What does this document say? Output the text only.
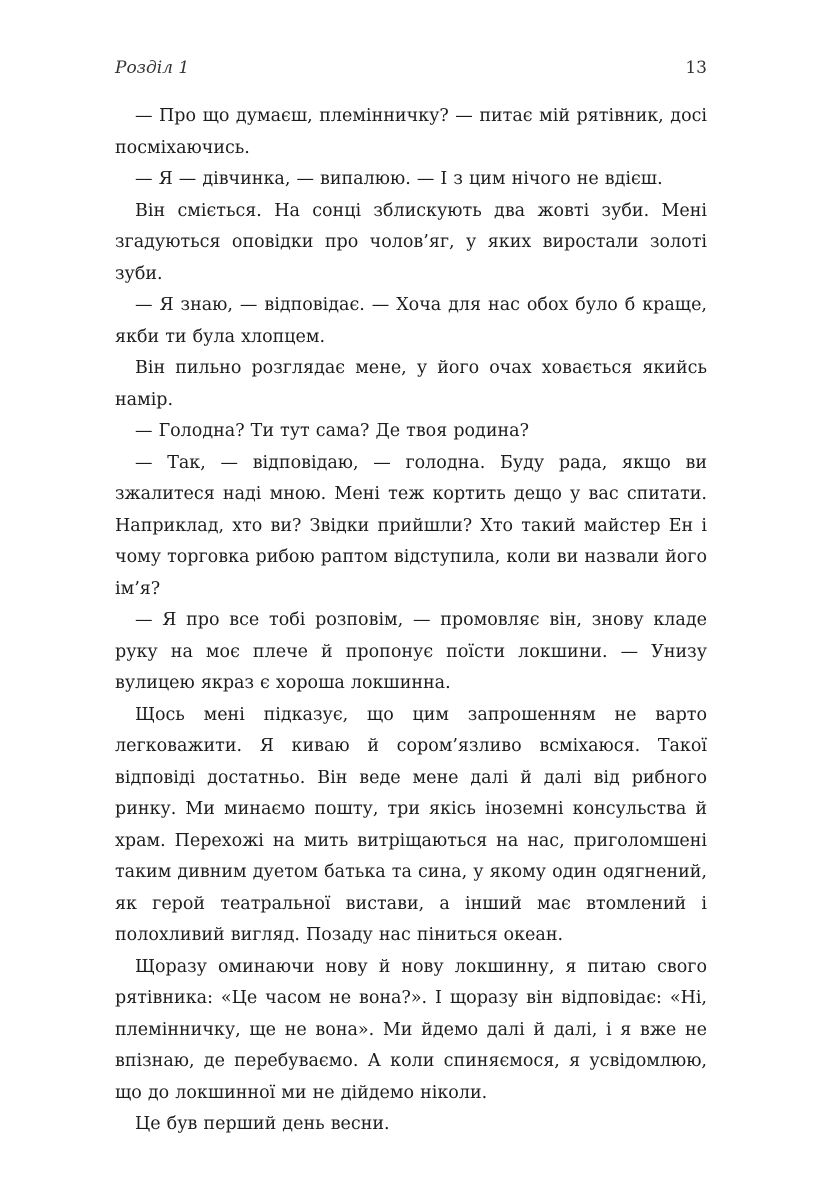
Розділ 1	13

— Про що думаєш, племінничку? — питає мій рятівник, досі посміхаючись.

— Я — дівчинка, — випалюю. — І з цим нічого не вдієш.

Він сміється. На сонці зблискують два жовті зуби. Мені згадуються оповідки про чолов’яг, у яких виростали золоті зуби.

— Я знаю, — відповідає. — Хоча для нас обох було б краще, якби ти була хлопцем.

Він пильно розглядає мене, у його очах ховається якийсь намір.

— Голодна? Ти тут сама? Де твоя родина?

— Так, — відповідаю, — голодна. Буду рада, якщо ви зжалитеся наді мною. Мені теж кортить дещо у вас спитати. Наприклад, хто ви? Звідки прийшли? Хто такий майстер Ен і чому торговка рибою раптом відступила, коли ви назвали його ім’я?

— Я про все тобі розповім, — промовляє він, знову кладе руку на моє плече й пропонує поїсти локшини. — Унизу вулицею якраз є хороша локшинна.

Щось мені підказує, що цим запрошенням не варто легковажити. Я киваю й сором’язливо всміхаюся. Такої відповіді достатньо. Він веде мене далі й далі від рибного ринку. Ми минаємо пошту, три якісь іноземні консульства й храм. Перехожі на мить витріщаються на нас, приголомшені таким дивним дуетом батька та сина, у якому один одягнений, як герой театральної вистави, а інший має втомлений і полохливий вигляд. Позаду нас піниться океан.

Щоразу оминаючи нову й нову локшинну, я питаю свого рятівника: «Це часом не вона?». І щоразу він відповідає: «Ні, племінничку, ще не вона». Ми йдемо далі й далі, і я вже не впізнаю, де перебуваємо. А коли спиняємося, я усвідомлюю, що до локшинної ми не дійдемо ніколи.

Це був перший день весни.
